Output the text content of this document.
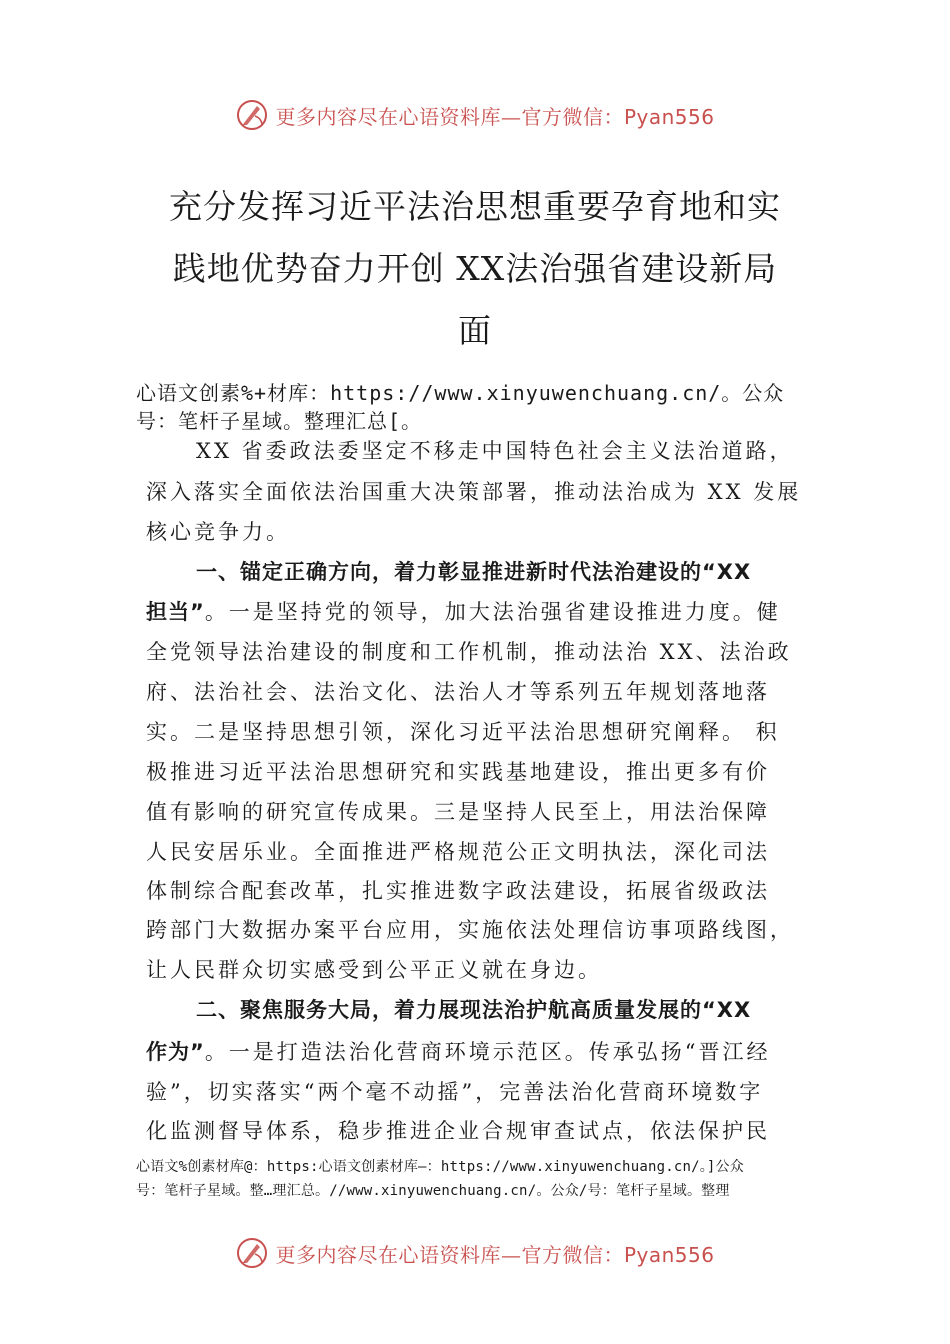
更多内容尽在心语资料库—官方微信：Pyan556
充分发挥习近平法治思想重要孕育地和实
践地优势奋力开创 XX法治强省建设新局
面
心语文创素%+材库：https://www.xinyuwenchuang.cn/。公众
号：笔杆子星域。整理汇总[。
XX 省委政法委坚定不移走中国特色社会主义法治道路，
深入落实全面依法治国重大决策部署，推动法治成为 XX 发展
核心竞争力。
一、锚定正确方向，着力彰显推进新时代法治建设的“XX
担当”。一是坚持党的领导，加大法治强省建设推进力度。健
全党领导法治建设的制度和工作机制，推动法治 XX、法治政
府、法治社会、法治文化、法治人才等系列五年规划落地落
实。二是坚持思想引领，深化习近平法治思想研究阐释。 积
极推进习近平法治思想研究和实践基地建设，推出更多有价
值有影响的研究宣传成果。三是坚持人民至上，用法治保障
人民安居乐业。全面推进严格规范公正文明执法，深化司法
体制综合配套改革，扎实推进数字政法建设，拓展省级政法
跨部门大数据办案平台应用，实施依法处理信访事项路线图，
让人民群众切实感受到公平正义就在身边。
二、聚焦服务大局，着力展现法治护航高质量发展的“XX
作为”。一是打造法治化营商环境示范区。传承弘扬“晋江经
验”，切实落实“两个毫不动摇”，完善法治化营商环境数字
化监测督导体系，稳步推进企业合规审查试点，依法保护民
心语文%创素材库@：https:心语文创素材库—：https://www.xinyuwenchuang.cn/。]公众
号：笔杆子星域。整…理汇总。//www.xinyuwenchuang.cn/。公众/号：笔杆子星域。整理
更多内容尽在心语资料库—官方微信：Pyan556
